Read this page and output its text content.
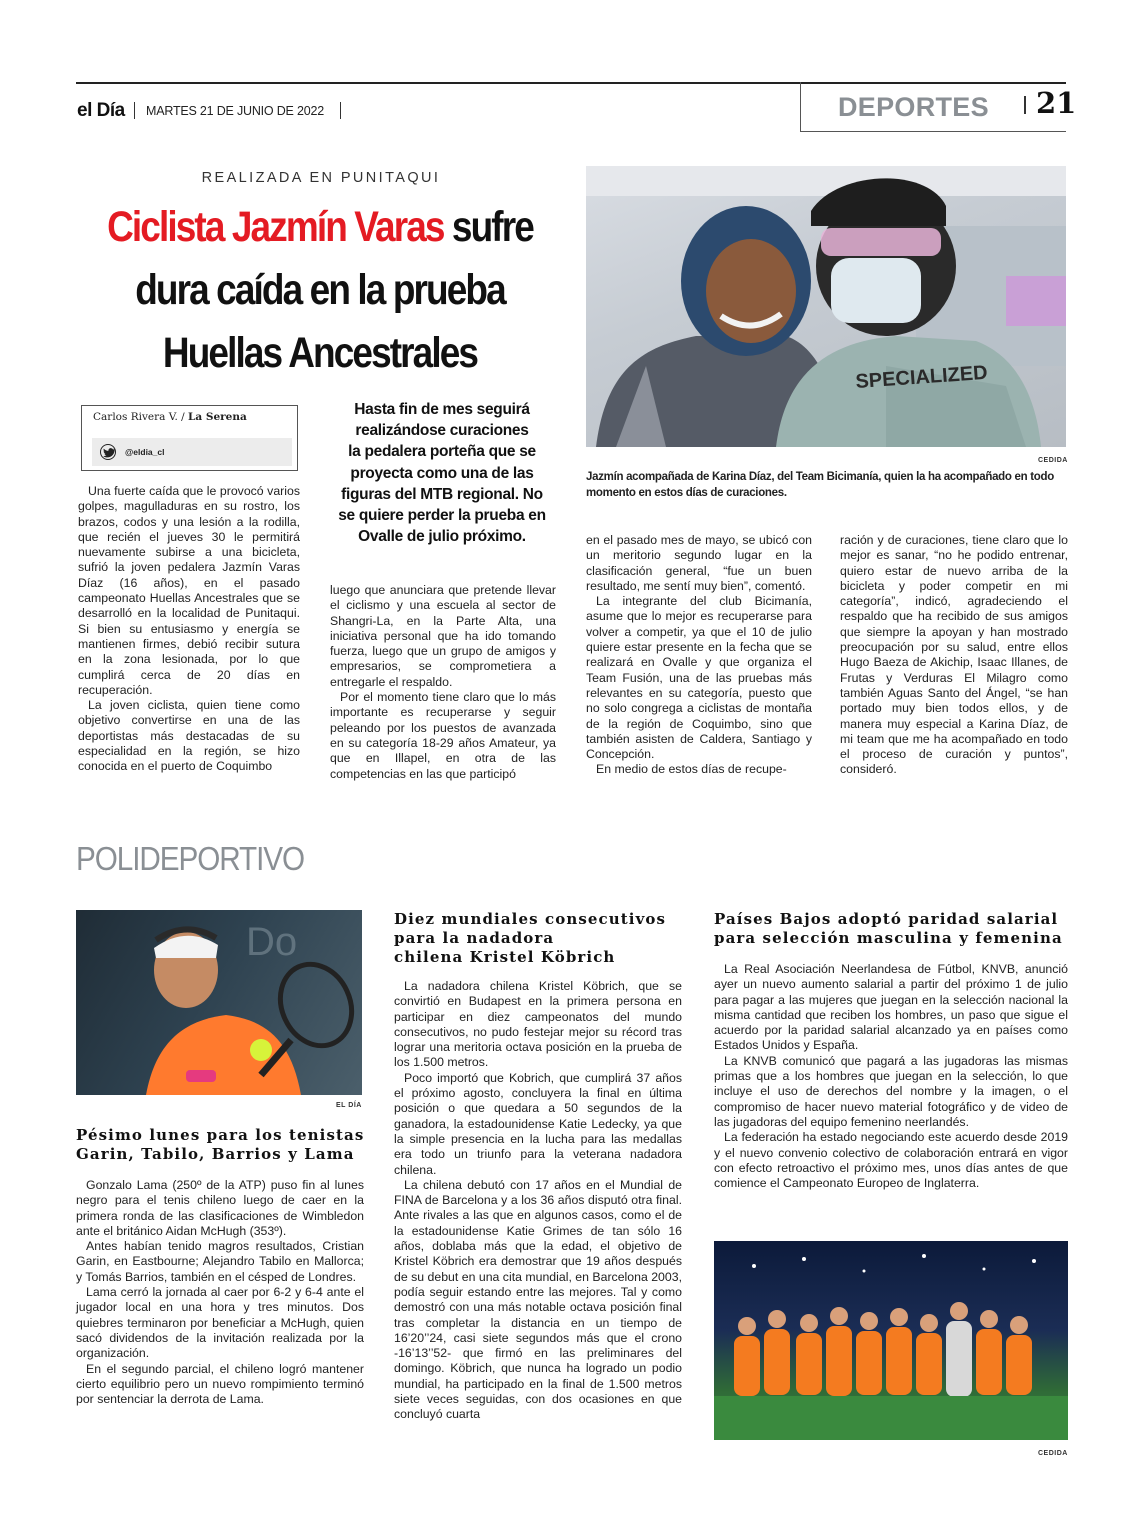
el Día MARTES 21 DE JUNIO DE 2022	DEPORTES 21
REALIZADA EN PUNITAQUI
Ciclista Jazmín Varas sufre
dura caída en la prueba
Huellas Ancestrales
Carlos Rivera V. / La Serena
@eldia_cl
Hasta fin de mes seguirá
realizándose curaciones
la pedalera porteña que se
proyecta como una de las
figuras del MTB regional. No
se quiere perder la prueba en
Ovalle de julio próximo.
SPECIALIZED
CEDIDA
Jazmín acompañada de Karina Díaz, del Team Bicimanía, quien la ha acompañado en todo momento en estos días de curaciones.

Una fuerte caída que le provocó varios golpes, magulladuras en su rostro, los brazos, codos y una lesión a la rodilla, que recién el jueves 30 le permitirá nuevamente subirse a una bicicleta, sufrió la joven pedalera Jazmín Varas Díaz (16 años), en el pasado campeonato Huellas Ancestrales que se desarrolló en la localidad de Punitaqui. Si bien su entusiasmo y energía se mantienen firmes, debió recibir sutura en la zona lesionada, por lo que cumplirá cerca de 20 días en recuperación.

La joven ciclista, quien tiene como objetivo convertirse en una de las deportistas más destacadas de su especialidad en la región, se hizo conocida en el puerto de Coquimbo

luego que anunciara que pretende llevar el ciclismo y una escuela al sector de Shangri-La, en la Parte Alta, una iniciativa personal que ha ido tomando fuerza, luego que un grupo de amigos y empresarios, se comprometiera a entregarle el respaldo.

Por el momento tiene claro que lo más importante es recuperarse y seguir peleando por los puestos de avanzada en su categoría 18-29 años Amateur, ya que en Illapel, en otra de las competencias en las que participó

en el pasado mes de mayo, se ubicó con un meritorio segundo lugar en la clasificación general, “fue un buen resultado, me sentí muy bien”, comentó.

La integrante del club Bicimanía, asume que lo mejor es recuperarse para volver a competir, ya que el 10 de julio quiere estar presente en la fecha que se realizará en Ovalle y que organiza el Team Fusión, una de las pruebas más relevantes en su categoría, puesto que no solo congrega a ciclistas de montaña de la región de Coquimbo, sino que también asisten de Caldera, Santiago y Concepción.

En medio de estos días de recupe-

ración y de curaciones, tiene claro que lo mejor es sanar, “no he podido entrenar, quiero estar de nuevo arriba de la bicicleta y poder competir en mi categoría”, indicó, agradeciendo el respaldo que ha recibido de sus amigos que siempre la apoyan y han mostrado preocupación por su salud, entre ellos Hugo Baeza de Akichip, Isaac Illanes, de Frutas y Verduras El Milagro como también Aguas Santo del Ángel, “se han portado muy bien todos ellos, y de manera muy especial a Karina Díaz, de mi team que me ha acompañado en todo el proceso de curación y puntos”, consideró.

POLIDEPORTIVO
Do
EL DÍA
Pésimo lunes para los tenistas
Garin, Tabilo, Barrios y Lama

Gonzalo Lama (250º de la ATP) puso fin al lunes negro para el tenis chileno luego de caer en la primera ronda de las clasificaciones de Wimbledon ante el británico Aidan McHugh (353º).

Antes habían tenido magros resultados, Cristian Garin, en Eastbourne; Alejandro Tabilo en Mallorca; y Tomás Barrios, también en el césped de Londres.

Lama cerró la jornada al caer por 6-2 y 6-4 ante el jugador local en una hora y tres minutos. Dos quiebres terminaron por beneficiar a McHugh, quien sacó dividendos de la invitación realizada por la organización.

En el segundo parcial, el chileno logró mantener cierto equilibrio pero un nuevo rompimiento terminó por sentenciar la derrota de Lama.

Diez mundiales consecutivos
para la nadadora
chilena Kristel Köbrich

La nadadora chilena Kristel Köbrich, que se convirtió en Budapest en la primera persona en participar en diez campeonatos del mundo consecutivos, no pudo festejar mejor su récord tras lograr una meritoria octava posición en la prueba de los 1.500 metros.

Poco importó que Kobrich, que cumplirá 37 años el próximo agosto, concluyera la final en última posición o que quedara a 50 segundos de la ganadora, la estadounidense Katie Ledecky, ya que la simple presencia en la lucha para las medallas era todo un triunfo para la veterana nadadora chilena.

La chilena debutó con 17 años en el Mundial de FINA de Barcelona y a los 36 años disputó otra final. Ante rivales a las que en algunos casos, como el de la estadounidense Katie Grimes de tan sólo 16 años, doblaba más que la edad, el objetivo de Kristel Köbrich era demostrar que 19 años después de su debut en una cita mundial, en Barcelona 2003, podía seguir estando entre las mejores. Tal y como demostró con una más notable octava posición final tras completar la distancia en un tiempo de 16’20’’24, casi siete segundos más que el crono -16’13’’52- que firmó en las preliminares del domingo. Köbrich, que nunca ha logrado un podio mundial, ha participado en la final de 1.500 metros siete veces seguidas, con dos ocasiones en que concluyó cuarta

Países Bajos adoptó paridad salarial
para selección masculina y femenina

La Real Asociación Neerlandesa de Fútbol, KNVB, anunció ayer un nuevo aumento salarial a partir del próximo 1 de julio para pagar a las mujeres que juegan en la selección nacional la misma cantidad que reciben los hombres, un paso que sigue el acuerdo por la paridad salarial alcanzado ya en países como Estados Unidos y España.

La KNVB comunicó que pagará a las jugadoras las mismas primas que a los hombres que juegan en la selección, lo que incluye el uso de derechos del nombre y la imagen, o el compromiso de hacer nuevo material fotográfico y de video de las jugadoras del equipo femenino neerlandés.

La federación ha estado negociando este acuerdo desde 2019 y el nuevo convenio colectivo de colaboración entrará en vigor con efecto retroactivo el próximo mes, unos días antes de que comience el Campeonato Europeo de Inglaterra.

CEDIDA
